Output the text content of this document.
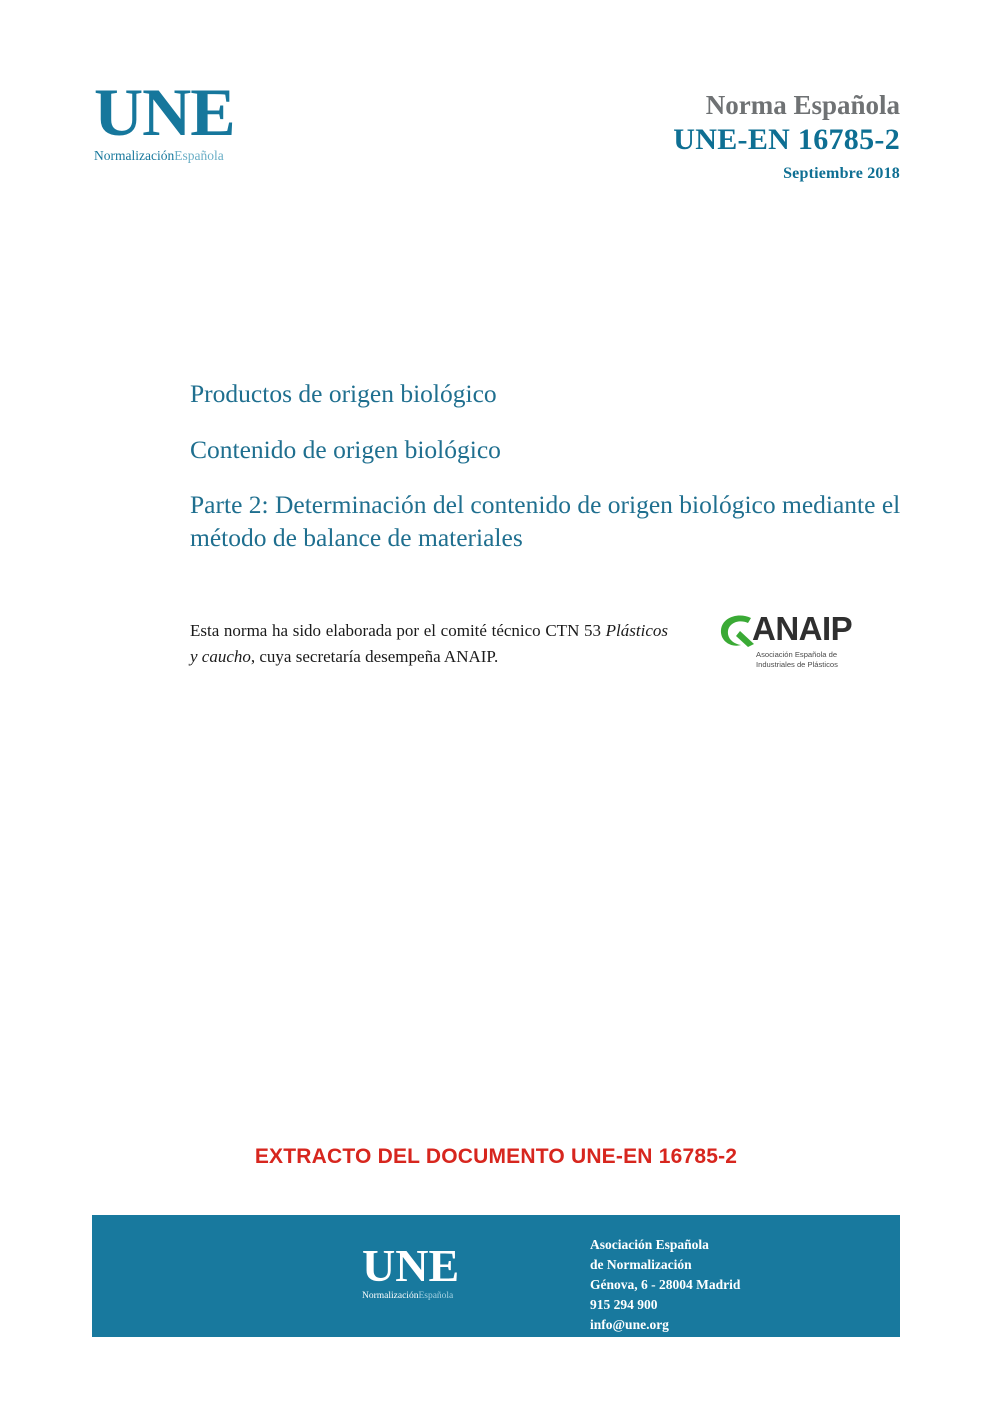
UNE
NormalizaciónEspañola
Norma Española
UNE-EN 16785-2
Septiembre 2018
Productos de origen biológico
Contenido de origen biológico
Parte 2: Determinación del contenido de origen biológico mediante el método de balance de materiales
Esta norma ha sido elaborada por el comité técnico CTN 53 Plásticos y caucho, cuya secretaría desempeña ANAIP.
ANAIP
Asociación Española de
Industriales de Plásticos
EXTRACTO DEL DOCUMENTO UNE-EN 16785-2
UNE
NormalizaciónEspañola
Asociación Española
de Normalización
Génova, 6 - 28004 Madrid
915 294 900
info@une.org
www.une.org
